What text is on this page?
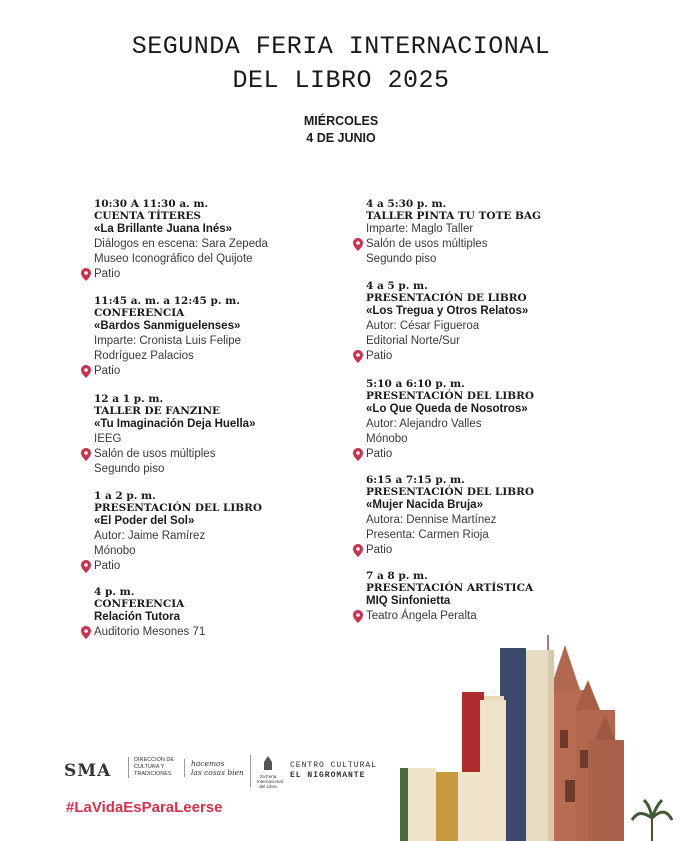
SEGUNDA FERIA INTERNACIONAL
DEL LIBRO 2025
MIÉRCOLES
4 DE JUNIO
10:30 A 11:30 a. m.
CUENTA TÍTERES
«La Brillante Juana Inés»
Diálogos en escena: Sara Zepeda
Museo Iconográfico del Quijote
Patio
11:45 a. m. a 12:45 p. m.
CONFERENCIA
«Bardos Sanmiguelenses»
Imparte: Cronista Luis Felipe
Rodríguez Palacios
Patio
12 a 1 p. m.
TALLER DE FANZINE
«Tu Imaginación Deja Huella»
IEEG
Salón de usos múltiples
Segundo piso
1 a 2 p. m.
PRESENTACIÓN DEL LIBRO
«El Poder del Sol»
Autor: Jaime Ramírez
Mónobo
Patio
4 p. m.
CONFERENCIA
Relación Tutora
Auditorio Mesones 71
4 a 5:30 p. m.
TALLER PINTA TU TOTE BAG
Imparte: Maglo Taller
Salón de usos múltiples
Segundo piso
4 a 5 p. m.
PRESENTACIÓN DE LIBRO
«Los Tregua y Otros Relatos»
Autor: César Figueroa
Editorial Norte/Sur
Patio
5:10 a 6:10 p. m.
PRESENTACIÓN DEL LIBRO
«Lo Que Queda de Nosotros»
Autor: Alejandro Valles
Mónobo
Patio
6:15 a 7:15 p. m.
PRESENTACIÓN DEL LIBRO
«Mujer Nacida Bruja»
Autora: Dennise Martínez
Presenta: Carmen Rioja
Patio
7 a 8 p. m.
PRESENTACIÓN ARTÍSTICA
MIQ Sinfonietta
Teatro Ángela Peralta
SMA
DIRECCIÓN DE
CULTURA Y
TRADICIONES
hacemos
las cosas bien	2a Feria
Internacional
del Libro
CENTRO CULTURAL
EL NIGROMANTE
#LaVidaEsParaLeerse
